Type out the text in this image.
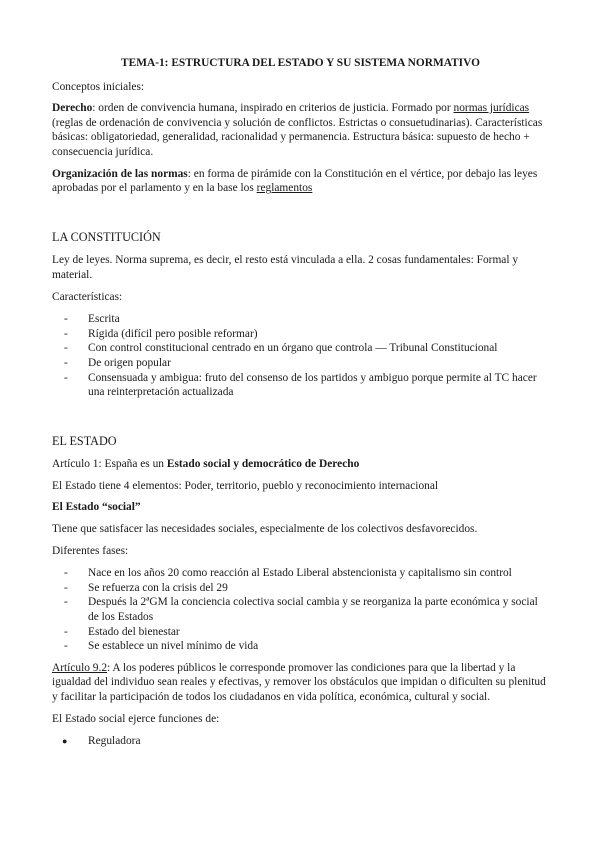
TEMA-1: ESTRUCTURA DEL ESTADO Y SU SISTEMA NORMATIVO

Conceptos iniciales:

Derecho: orden de convivencia humana, inspirado en criterios de justicia. Formado por normas jurídicas (reglas de ordenación de convivencia y solución de conflictos. Estrictas o consuetudinarias). Características básicas: obligatoriedad, generalidad, racionalidad y permanencia. Estructura básica: supuesto de hecho + consecuencia jurídica.

Organización de las normas: en forma de pirámide con la Constitución en el vértice, por debajo las leyes aprobadas por el parlamento y en la base los reglamentos

LA CONSTITUCIÓN

Ley de leyes. Norma suprema, es decir, el resto está vinculada a ella. 2 cosas fundamentales: Formal y material.

Características:

- Escrita
- Rígida (difícil pero posible reformar)
- Con control constitucional centrado en un órgano que controla — Tribunal Constitucional
- De origen popular
- Consensuada y ambigua: fruto del consenso de los partidos y ambiguo porque permite al TC hacer una reinterpretación actualizada

EL ESTADO

Artículo 1: España es un Estado social y democrático de Derecho

El Estado tiene 4 elementos: Poder, territorio, pueblo y reconocimiento internacional

El Estado “social”

Tiene que satisfacer las necesidades sociales, especialmente de los colectivos desfavorecidos.

Diferentes fases:

- Nace en los años 20 como reacción al Estado Liberal abstencionista y capitalismo sin control
- Se refuerza con la crisis del 29
- Después la 2ªGM la conciencia colectiva social cambia y se reorganiza la parte económica y social de los Estados
- Estado del bienestar
- Se establece un nivel mínimo de vida

Artículo 9.2: A los poderes públicos le corresponde promover las condiciones para que la libertad y la igualdad del individuo sean reales y efectivas, y remover los obstáculos que impidan o dificulten su plenitud y facilitar la participación de todos los ciudadanos en vida política, económica, cultural y social.

El Estado social ejerce funciones de:

● Reguladora
